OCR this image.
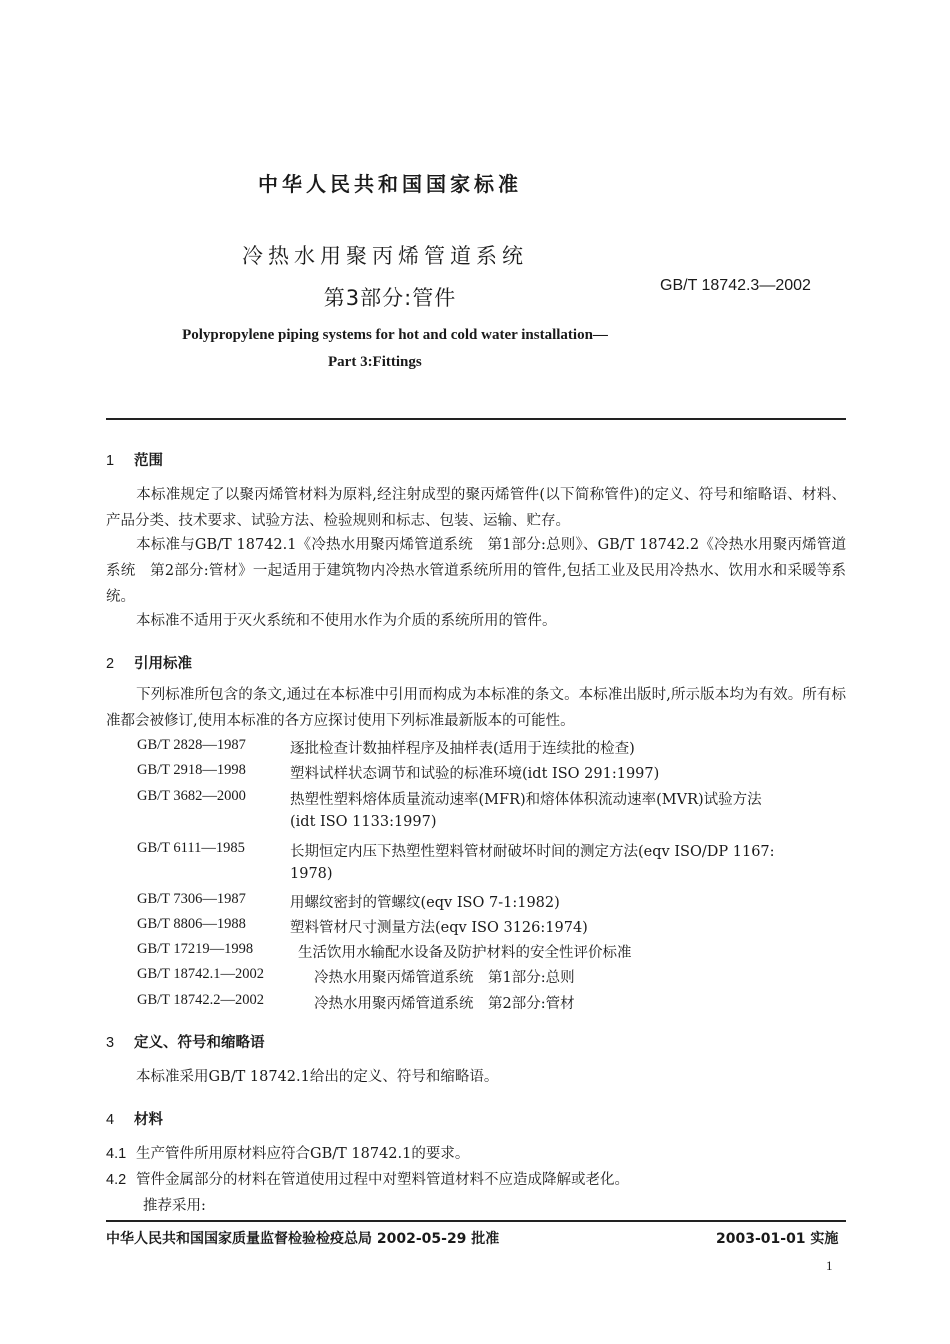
中华人民共和国国家标准
冷热水用聚丙烯管道系统
第3部分:管件
GB/T 18742.3—2002
Polypropylene piping systems for hot and cold water installation—
Part 3:Fittings
1 范围
本标准规定了以聚丙烯管材料为原料,经注射成型的聚丙烯管件(以下简称管件)的定义、符号和缩略语、材料、产品分类、技术要求、试验方法、检验规则和标志、包装、运输、贮存。
本标准与GB/T 18742.1《冷热水用聚丙烯管道系统　第1部分:总则》、GB/T 18742.2《冷热水用聚丙烯管道系统　第2部分:管材》一起适用于建筑物内冷热水管道系统所用的管件,包括工业及民用冷热水、饮用水和采暖等系统。
本标准不适用于灭火系统和不使用水作为介质的系统所用的管件。
2 引用标准
下列标准所包含的条文,通过在本标准中引用而构成为本标准的条文。本标准出版时,所示版本均为有效。所有标准都会被修订,使用本标准的各方应探讨使用下列标准最新版本的可能性。
GB/T 2828—1987	逐批检查计数抽样程序及抽样表(适用于连续批的检查)
GB/T 2918—1998	塑料试样状态调节和试验的标准环境(idt ISO 291:1997)
GB/T 3682—2000	热塑性塑料熔体质量流动速率(MFR)和熔体体积流动速率(MVR)试验方法
(idt ISO 1133:1997)
GB/T 6111—1985	长期恒定内压下热塑性塑料管材耐破坏时间的测定方法(eqv ISO/DP 1167:
1978)
GB/T 7306—1987	用螺纹密封的管螺纹(eqv ISO 7-1:1982)
GB/T 8806—1988	塑料管材尺寸测量方法(eqv ISO 3126:1974)
GB/T 17219—1998	生活饮用水输配水设备及防护材料的安全性评价标准
GB/T 18742.1—2002	冷热水用聚丙烯管道系统　第1部分:总则
GB/T 18742.2—2002	冷热水用聚丙烯管道系统　第2部分:管材
3 定义、符号和缩略语
本标准采用GB/T 18742.1给出的定义、符号和缩略语。
4 材料
4.1 生产管件所用原材料应符合GB/T 18742.1的要求。
4.2 管件金属部分的材料在管道使用过程中对塑料管道材料不应造成降解或老化。
推荐采用:
中华人民共和国国家质量监督检验检疫总局 2002-05-29 批准	2003-01-01 实施
1
